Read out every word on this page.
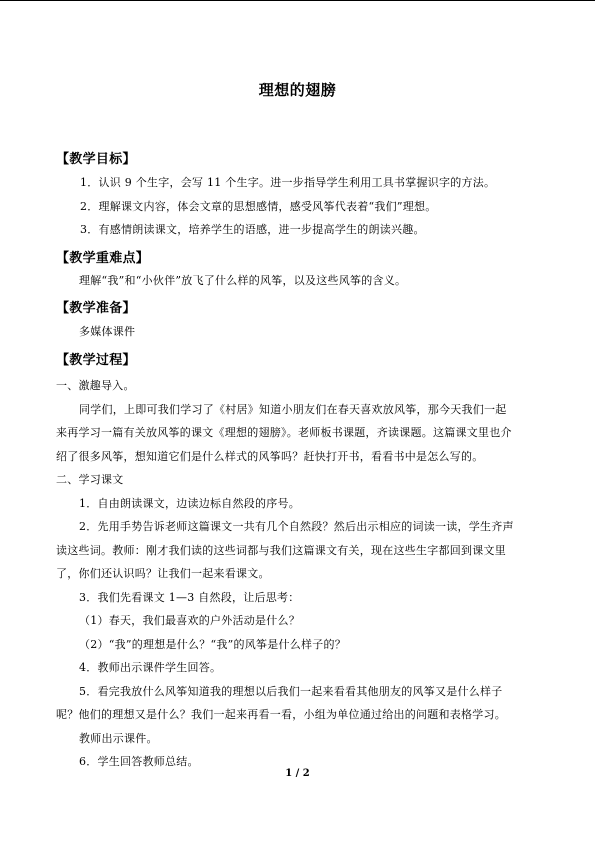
理想的翅膀
【教学目标】
1．认识 9 个生字，会写 11 个生字。进一步指导学生利用工具书掌握识字的方法。
2．理解课文内容，体会文章的思想感情，感受风筝代表着“我们”理想。
3．有感情朗读课文，培养学生的语感，进一步提高学生的朗读兴趣。
【教学重难点】
理解“我”和“小伙伴”放飞了什么样的风筝，以及这些风筝的含义。
【教学准备】
多媒体课件
【教学过程】
一、激趣导入。
同学们，上即可我们学习了《村居》知道小朋友们在春天喜欢放风筝，那今天我们一起
来再学习一篇有关放风筝的课文《理想的翅膀》。老师板书课题，齐读课题。这篇课文里也介
绍了很多风筝，想知道它们是什么样式的风筝吗？赶快打开书，看看书中是怎么写的。
二、学习课文
1．自由朗读课文，边读边标自然段的序号。
2．先用手势告诉老师这篇课文一共有几个自然段？然后出示相应的词读一读，学生齐声
读这些词。教师：刚才我们读的这些词都与我们这篇课文有关，现在这些生字都回到课文里
了，你们还认识吗？让我们一起来看课文。
3．我们先看课文 1—3 自然段，让后思考：
（1）春天，我们最喜欢的户外活动是什么？
（2）“我”的理想是什么？“我”的风筝是什么样子的？
4．教师出示课件学生回答。
5．看完我放什么风筝知道我的理想以后我们一起来看看其他朋友的风筝又是什么样子
呢？他们的理想又是什么？我们一起来再看一看，小组为单位通过给出的问题和表格学习。
教师出示课件。
6．学生回答教师总结。
1 / 2
